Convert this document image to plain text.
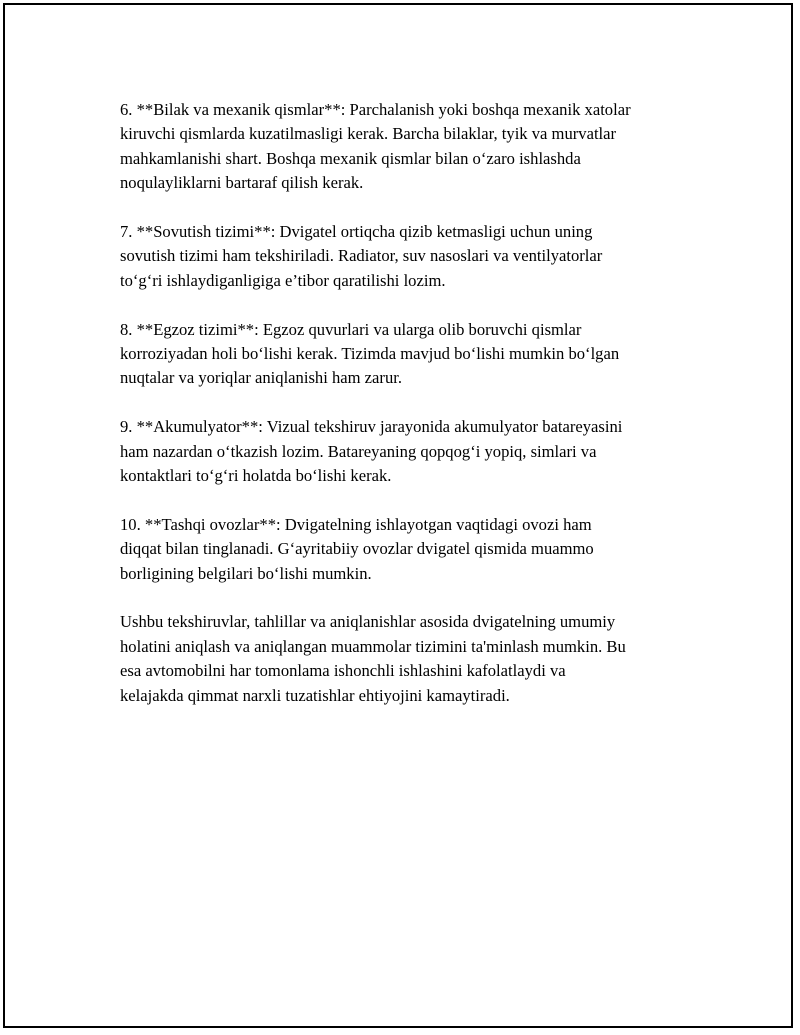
6. **Bilak va mexanik qismlar**: Parchalanish yoki boshqa mexanik xatolar
kiruvchi qismlarda kuzatilmasligi kerak. Barcha bilaklar, tyik va murvatlar
mahkamlanishi shart. Boshqa mexanik qismlar bilan o‘zaro ishlashda
noqulayliklarni bartaraf qilish kerak.

7. **Sovutish tizimi**: Dvigatel ortiqcha qizib ketmasligi uchun uning
sovutish tizimi ham tekshiriladi. Radiator, suv nasoslari va ventilyatorlar
to‘g‘ri ishlaydiganligiga e’tibor qaratilishi lozim.

8. **Egzoz tizimi**: Egzoz quvurlari va ularga olib boruvchi qismlar
korroziyadan holi bo‘lishi kerak. Tizimda mavjud bo‘lishi mumkin bo‘lgan
nuqtalar va yoriqlar aniqlanishi ham zarur.

9. **Akumulyator**: Vizual tekshiruv jarayonida akumulyator batareyasini
ham nazardan o‘tkazish lozim. Batareyaning qopqog‘i yopiq, simlari va
kontaktlari to‘g‘ri holatda bo‘lishi kerak.

10. **Tashqi ovozlar**: Dvigatelning ishlayotgan vaqtidagi ovozi ham
diqqat bilan tinglanadi. G‘ayritabiiy ovozlar dvigatel qismida muammo
borligining belgilari bo‘lishi mumkin.

Ushbu tekshiruvlar, tahlillar va aniqlanishlar asosida dvigatelning umumiy
holatini aniqlash va aniqlangan muammolar tizimini ta'minlash mumkin. Bu
esa avtomobilni har tomonlama ishonchli ishlashini kafolatlaydi va
kelajakda qimmat narxli tuzatishlar ehtiyojini kamaytiradi.
